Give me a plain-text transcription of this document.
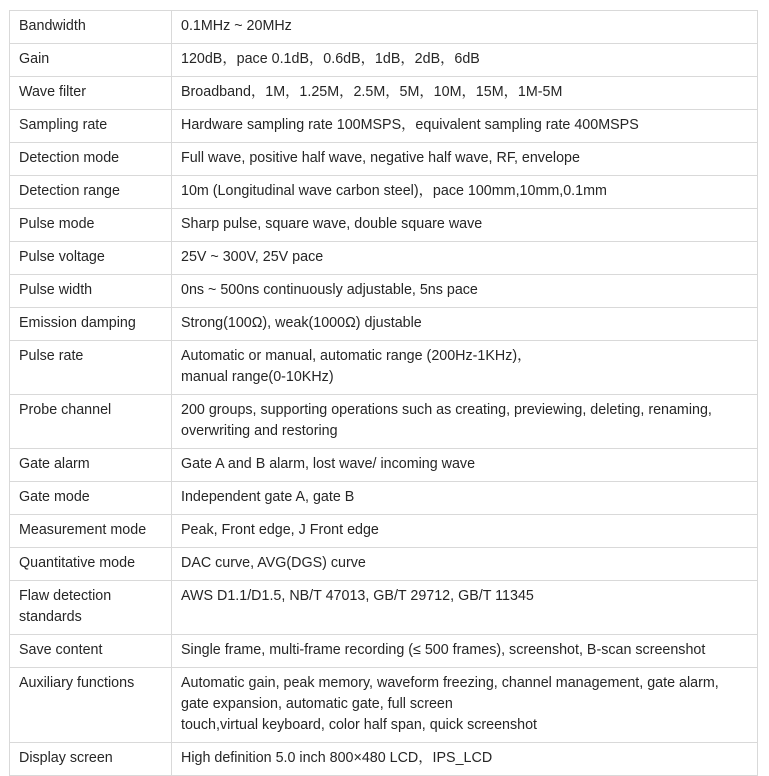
Bandwidth	0.1MHz ~ 20MHz

Gain	120dB，pace 0.1dB，0.6dB，1dB，2dB，6dB

Wave filter	Broadband，1M，1.25M，2.5M，5M，10M，15M，1M-5M

Sampling rate	Hardware sampling rate 100MSPS，equivalent sampling rate 400MSPS

Detection mode	Full wave, positive half wave, negative half wave, RF, envelope

Detection range	10m (Longitudinal wave carbon steel)，pace 100mm,10mm,0.1mm

Pulse mode	Sharp pulse, square wave, double square wave

Pulse voltage	25V ~ 300V, 25V pace

Pulse width	0ns ~ 500ns continuously adjustable, 5ns pace

Emission damping	Strong(100Ω), weak(1000Ω) djustable

Pulse rate	Automatic or manual, automatic range (200Hz-1KHz)，
manual range(0-10KHz)

Probe channel	200 groups, supporting operations such as creating, previewing, deleting, renaming,
overwriting and restoring

Gate alarm	Gate A and B alarm, lost wave/ incoming wave

Gate mode	Independent gate A, gate B

Measurement mode	Peak, Front edge, J Front edge

Quantitative mode	DAC curve, AVG(DGS) curve

Flaw detection standards	AWS D1.1/D1.5, NB/T 47013, GB/T 29712, GB/T 11345

Save content	Single frame, multi-frame recording (≤ 500 frames), screenshot, B-scan screenshot

Auxiliary functions	Automatic gain, peak memory, waveform freezing, channel management, gate alarm,
gate expansion, automatic gate, full screen
touch,virtual keyboard, color half span, quick screenshot

Display screen	High definition 5.0 inch 800×480 LCD，IPS_LCD
